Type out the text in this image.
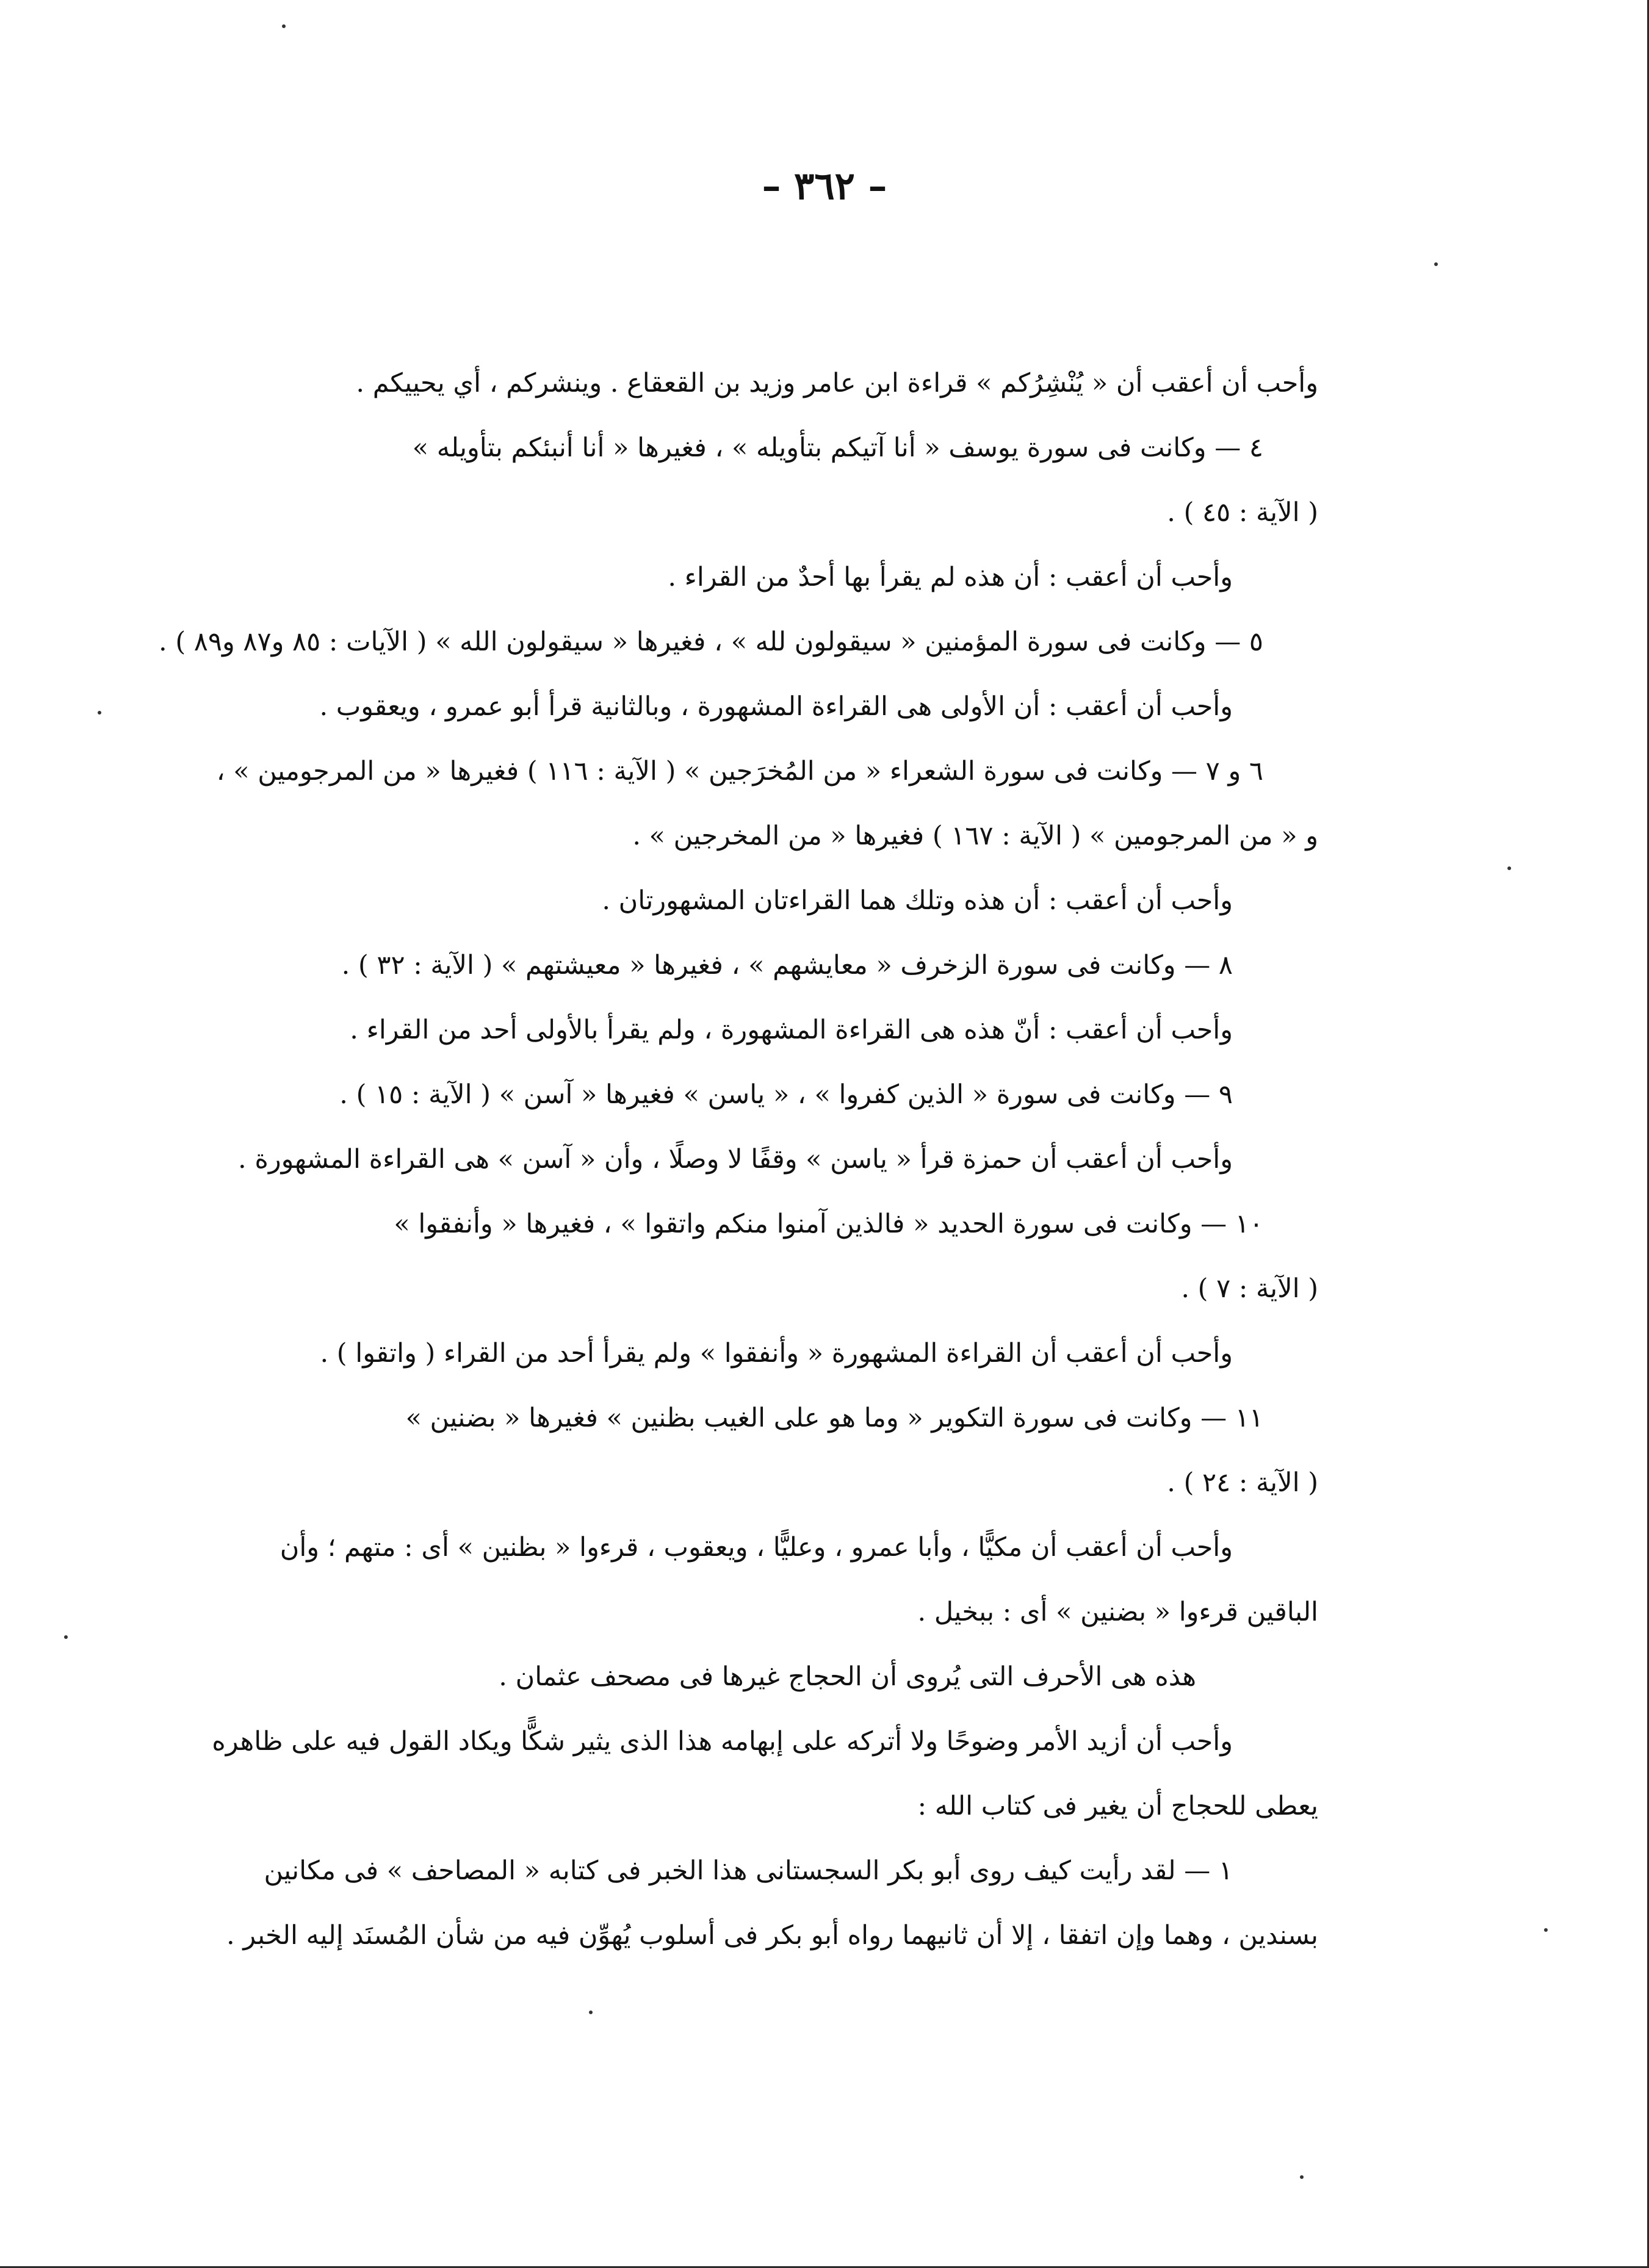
– ٣٦٢ –
وأحب أن أعقب أن « يُنْشِرُكم » قراءة ابن عامر وزيد بن القعقاع . وينشركم ، أي يحييكم .
٤ — وكانت فى سورة يوسف « أنا آتيكم بتأويله » ، فغيرها « أنا أنبئكم بتأويله »
( الآية : ٤٥ ) .
وأحب أن أعقب : أن هذه لم يقرأ بها أحدٌ من القراء .
٥ — وكانت فى سورة المؤمنين « سيقولون لله » ، فغيرها « سيقولون الله » ( الآيات : ٨٥ و٨٧ و٨٩ ) .
وأحب أن أعقب : أن الأولى هى القراءة المشهورة ، وبالثانية قرأ أبو عمرو ، ويعقوب .
٦ و ٧ — وكانت فى سورة الشعراء « من المُخرَجين » ( الآية : ١١٦ ) فغيرها « من المرجومين » ،
و « من المرجومين » ( الآية : ١٦٧ ) فغيرها « من المخرجين » .
وأحب أن أعقب : أن هذه وتلك هما القراءتان المشهورتان .
٨ — وكانت فى سورة الزخرف « معايشهم » ، فغيرها « معيشتهم » ( الآية : ٣٢ ) .
وأحب أن أعقب : أنّ هذه هى القراءة المشهورة ، ولم يقرأ بالأولى أحد من القراء .
٩ — وكانت فى سورة « الذين كفروا » ، « ياسن » فغيرها « آسن » ( الآية : ١٥ ) .
وأحب أن أعقب أن حمزة قرأ « ياسن » وقفًا لا وصلًا ، وأن « آسن » هى القراءة المشهورة .
١٠ — وكانت فى سورة الحديد « فالذين آمنوا منكم واتقوا » ، فغيرها « وأنفقوا »
( الآية : ٧ ) .
وأحب أن أعقب أن القراءة المشهورة « وأنفقوا » ولم يقرأ أحد من القراء ( واتقوا ) .
١١ — وكانت فى سورة التكوير « وما هو على الغيب بظنين » فغيرها « بضنين »
( الآية : ٢٤ ) .
وأحب أن أعقب أن مكيًّا ، وأبا عمرو ، وعليًّا ، ويعقوب ، قرءوا « بظنين » أى : متهم ؛ وأن
الباقين قرءوا « بضنين » أى : ببخيل .
هذه هى الأحرف التى يُروى أن الحجاج غيرها فى مصحف عثمان .
وأحب أن أزيد الأمر وضوحًا ولا أتركه على إبهامه هذا الذى يثير شكًّا ويكاد القول فيه على ظاهره
يعطى للحجاج أن يغير فى كتاب الله :
١ — لقد رأيت كيف روى أبو بكر السجستانى هذا الخبر فى كتابه « المصاحف » فى مكانين
بسندين ، وهما وإن اتفقا ، إلا أن ثانيهما رواه أبو بكر فى أسلوب يُهوِّن فيه من شأن المُسنَد إليه الخبر .
